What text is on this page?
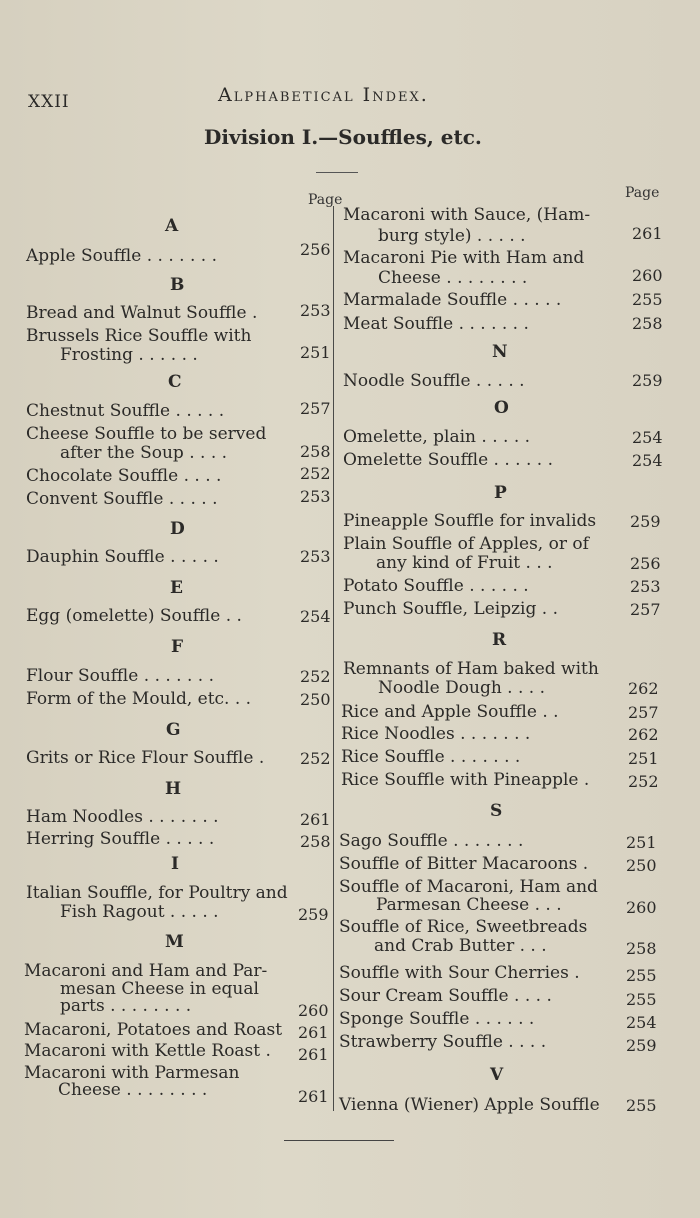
XXII	Alphabetical Index.
Division I.—Souffles, etc.
Page	Page
A
B
C
D
E
F
G
H
I
M
Apple Souffle . . . . . . .	256
Bread and Walnut Souffle .	253
Brussels Rice Souffle with
Frosting . . . . . .	251
Chestnut Souffle . . . . .	257
Cheese Souffle to be served
after the Soup . . . .	258
Chocolate Souffle . . . .	252
Convent Souffle . . . . .	253
Dauphin Souffle . . . . .	253
Egg (omelette) Souffle . .	254
Flour Souffle . . . . . . .	252
Form of the Mould, etc. . .	250
Grits or Rice Flour Souffle . 252
Ham Noodles . . . . . . .	261
Herring Souffle . . . . .	258
Italian Souffle, for Poultry and
Fish Ragout . . . . .	259
Macaroni and Ham and Par-
mesan Cheese in equal
parts . . . . . . . .	260
Macaroni, Potatoes and Roast 261
Macaroni with Kettle Roast . 261
Macaroni with Parmesan
Cheese . . . . . . . .	261
N
O
P
R
S
V
Macaroni with Sauce, (Ham-
burg style) . . . . .	261
Macaroni Pie with Ham and
Cheese . . . . . . . .	260
Marmalade Souffle . . . . .	255
Meat Souffle . . . . . . .	258
Noodle Souffle . . . . .	259
Omelette, plain . . . . .	254
Omelette Souffle . . . . . .	254
Pineapple Souffle for invalids 259
Plain Souffle of Apples, or of
any kind of Fruit . . .	256
Potato Souffle . . . . . .	253
Punch Souffle, Leipzig . .	257
Remnants of Ham baked with
Noodle Dough . . . .	262
Rice and Apple Souffle . .	257
Rice Noodles . . . . . . .	262
Rice Souffle . . . . . . .	251
Rice Souffle with Pineapple . 252
Sago Souffle . . . . . . .	251
Souffle of Bitter Macaroons . 250
Souffle of Macaroni, Ham and
Parmesan Cheese . . .	260
Souffle of Rice, Sweetbreads
and Crab Butter . . .	258
Souffle with Sour Cherries .	255
Sour Cream Souffle . . . .	255
Sponge Souffle . . . . . .	254
Strawberry Souffle . . . .	259
Vienna (Wiener) Apple Souffle 255
